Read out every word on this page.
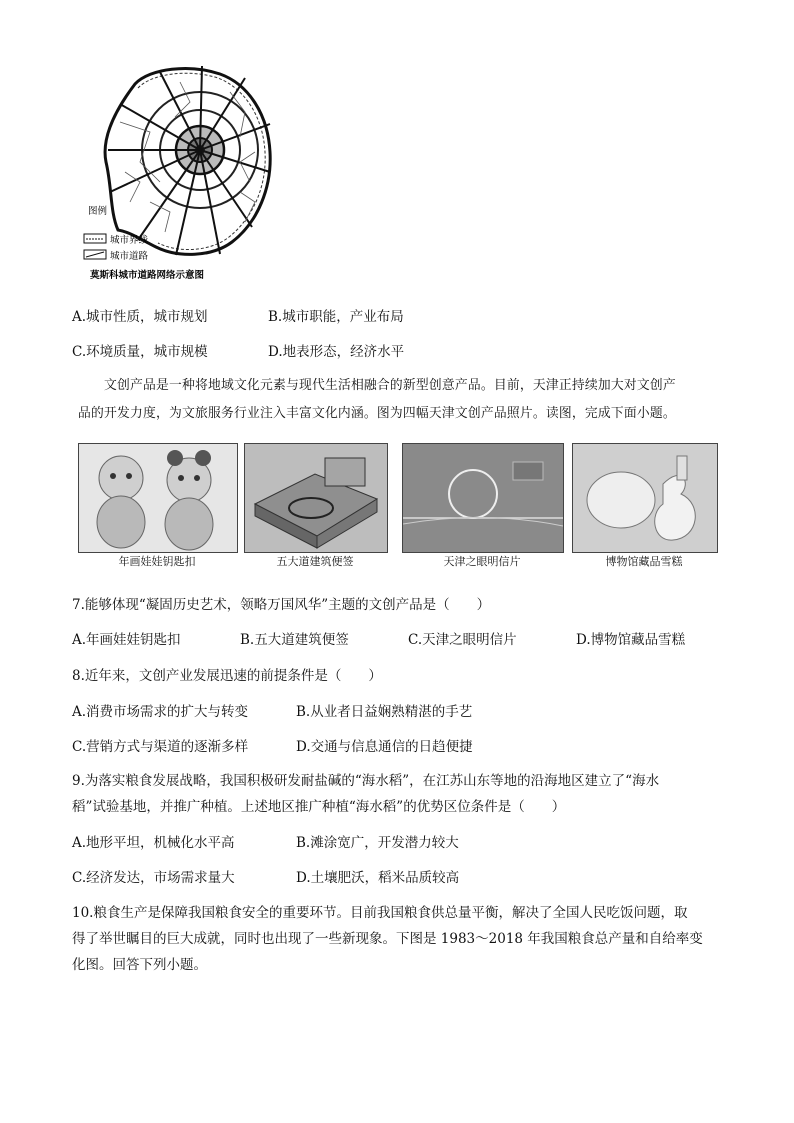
图例
城市界线
城市道路
莫斯科城市道路网络示意图
A.城市性质，城市规划	B.城市职能，产业布局
C.环境质量，城市规模	D.地表形态，经济水平
文创产品是一种将地域文化元素与现代生活相融合的新型创意产品。目前，天津正持续加大对文创产
品的开发力度，为文旅服务行业注入丰富文化内涵。图为四幅天津文创产品照片。读图，完成下面小题。
年画娃娃钥匙扣	五大道建筑便签	天津之眼明信片	博物馆藏品雪糕
7.能够体现“凝固历史艺术，领略万国风华”主题的文创产品是（　　）
A.年画娃娃钥匙扣	B.五大道建筑便签	C.天津之眼明信片	D.博物馆藏品雪糕
8.近年来，文创产业发展迅速的前提条件是（　　）
A.消费市场需求的扩大与转变	B.从业者日益娴熟精湛的手艺
C.营销方式与渠道的逐渐多样	D.交通与信息通信的日趋便捷
9.为落实粮食发展战略，我国积极研发耐盐碱的“海水稻”，在江苏山东等地的沿海地区建立了“海水
稻”试验基地，并推广种植。上述地区推广种植“海水稻”的优势区位条件是（　　）
A.地形平坦，机械化水平高	B.滩涂宽广，开发潜力较大
C.经济发达，市场需求量大	D.土壤肥沃，稻米品质较高
10.粮食生产是保障我国粮食安全的重要环节。目前我国粮食供总量平衡，解决了全国人民吃饭问题，取
得了举世瞩目的巨大成就，同时也出现了一些新现象。下图是 1983～2018 年我国粮食总产量和自给率变
化图。回答下列小题。
